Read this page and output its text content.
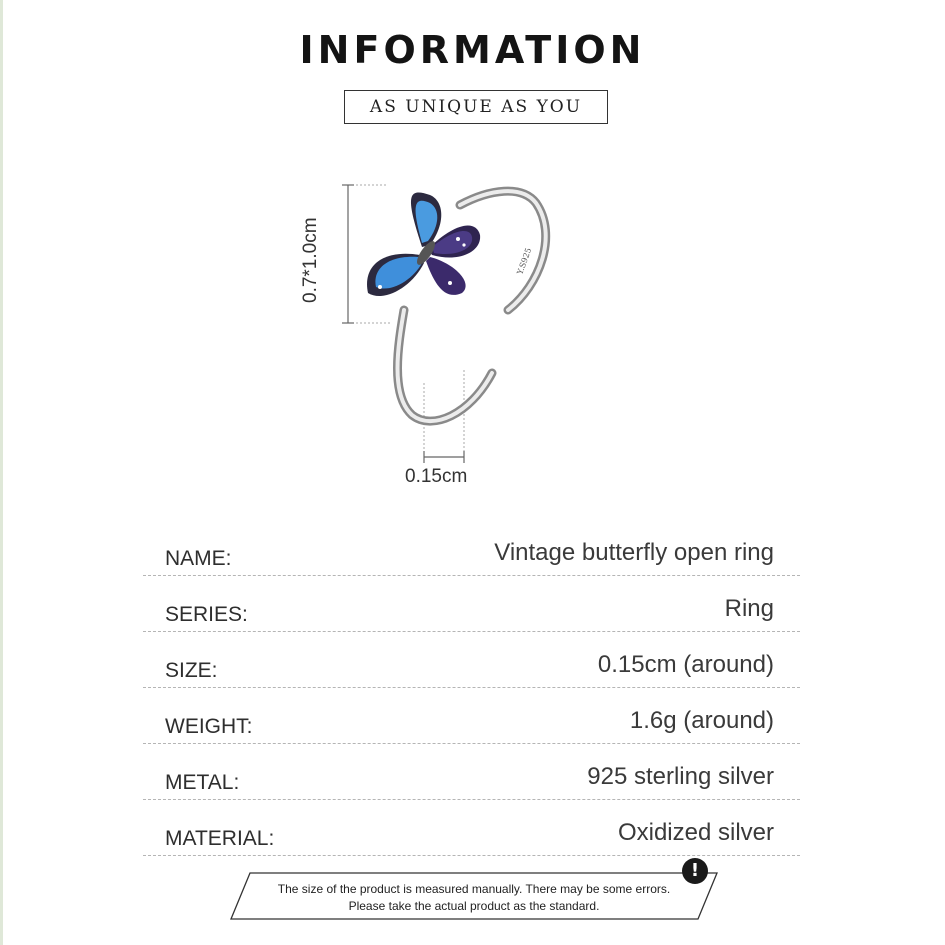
INFORMATION
AS UNIQUE AS YOU
Y.S925
0.7*1.0cm
0.15cm
NAME:	Vintage butterfly open ring
SERIES:	Ring
SIZE:	0.15cm (around)
WEIGHT:	1.6g (around)
METAL:	925 sterling silver
MATERIAL:	Oxidized silver
The size of the product is measured manually. There may be some errors.
Please take the actual product as the standard.
!
